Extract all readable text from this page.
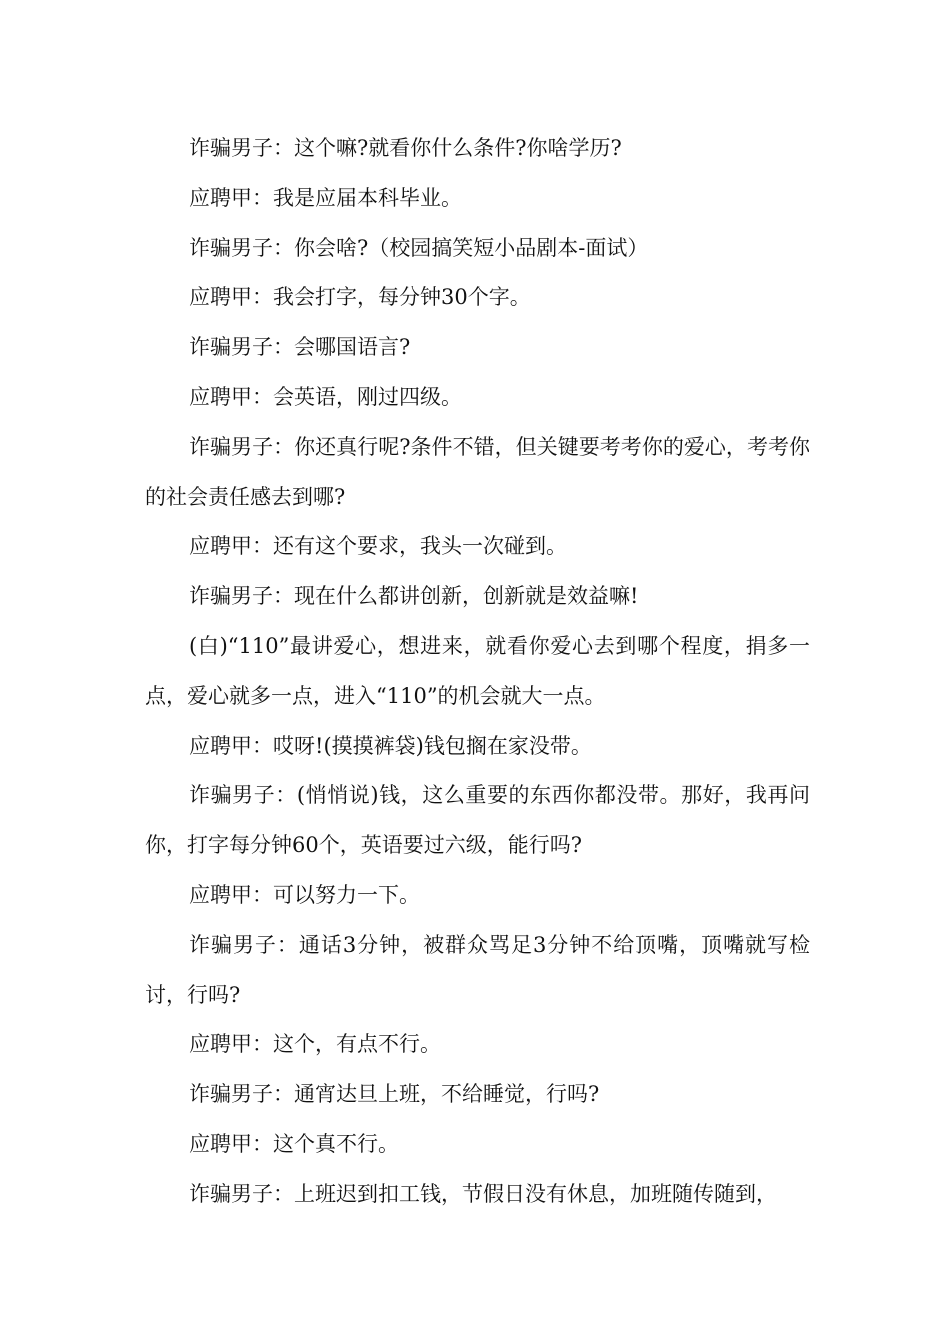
诈骗男子：这个嘛?就看你什么条件?你啥学历?

应聘甲：我是应届本科毕业。

诈骗男子：你会啥?（校园搞笑短小品剧本-面试）

应聘甲：我会打字，每分钟30个字。

诈骗男子：会哪国语言?

应聘甲：会英语，刚过四级。

诈骗男子：你还真行呢?条件不错，但关键要考考你的爱心，考考你的社会责任感去到哪?

应聘甲：还有这个要求，我头一次碰到。

诈骗男子：现在什么都讲创新，创新就是效益嘛!

(白)“110”最讲爱心，想进来，就看你爱心去到哪个程度，捐多一点，爱心就多一点，进入“110”的机会就大一点。

应聘甲：哎呀!(摸摸裤袋)钱包搁在家没带。

诈骗男子：(悄悄说)钱，这么重要的东西你都没带。那好，我再问你，打字每分钟60个，英语要过六级，能行吗?

应聘甲：可以努力一下。

诈骗男子：通话3分钟，被群众骂足3分钟不给顶嘴，顶嘴就写检讨，行吗?

应聘甲：这个，有点不行。

诈骗男子：通宵达旦上班，不给睡觉，行吗?

应聘甲：这个真不行。

诈骗男子：上班迟到扣工钱，节假日没有休息，加班随传随到，
